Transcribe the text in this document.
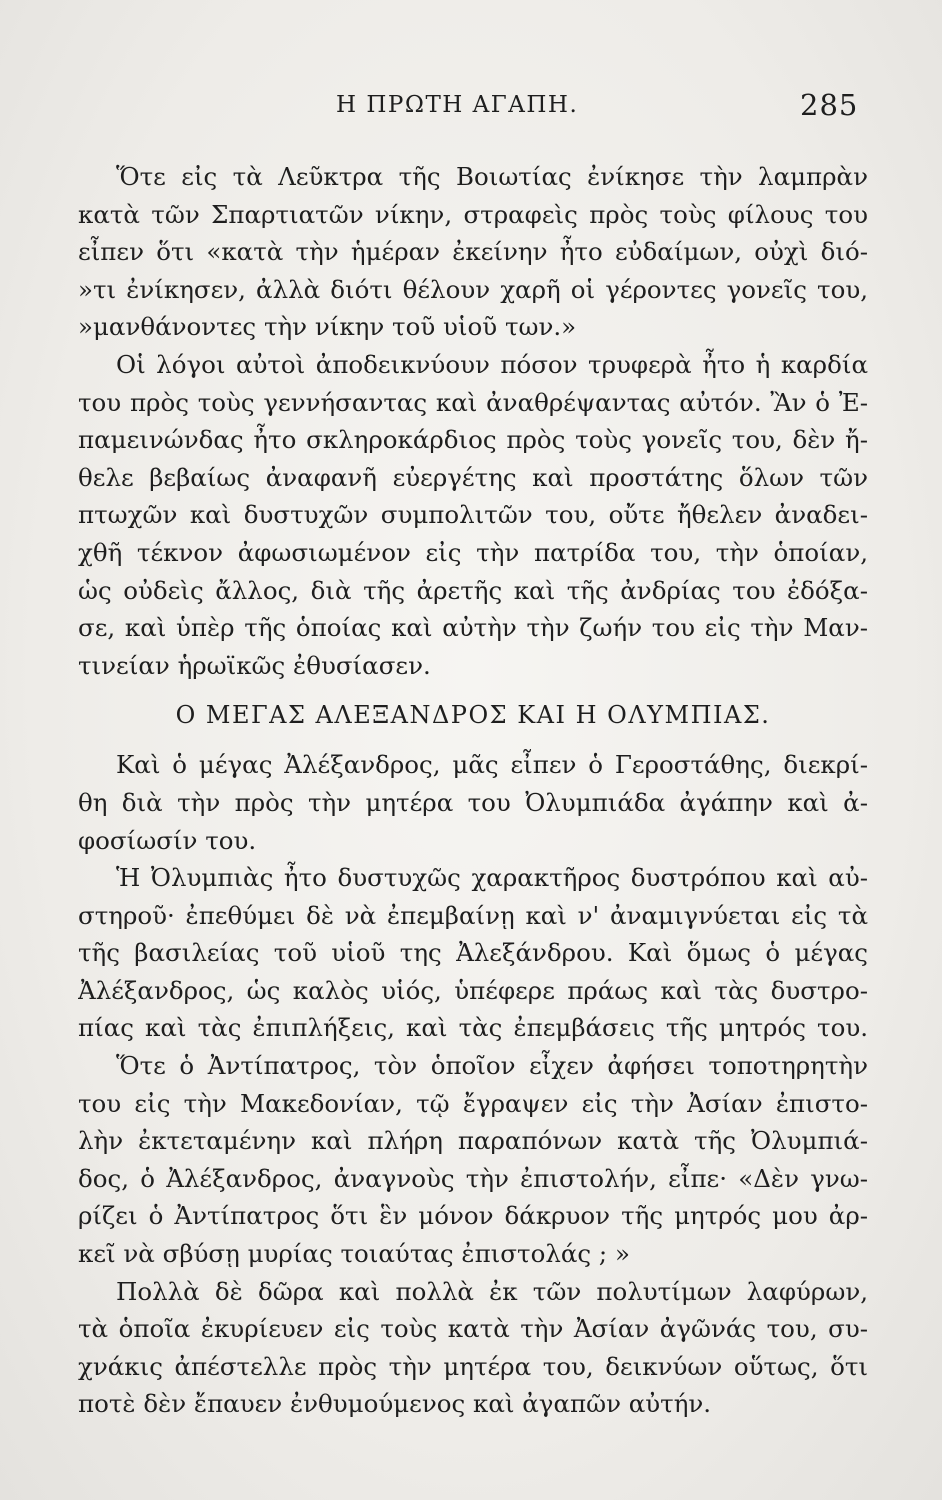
Η ΠΡΩΤΗ ΑΓΑΠΗ.	285
Ὅτε εἰς τὰ Λεῦκτρα τῆς Βοιωτίας ἐνίκησε τὴν λαμπρὰν
κατὰ τῶν Σπαρτιατῶν νίκην, στραφεὶς πρὸς τοὺς φίλους του
εἶπεν ὅτι «κατὰ τὴν ἡμέραν ἐκείνην ἦτο εὐδαίμων, οὐχὶ διό-
»τι ἐνίκησεν, ἀλλὰ διότι θέλουν χαρῆ οἱ γέροντες γονεῖς του,
»μανθάνοντες τὴν νίκην τοῦ υἱοῦ των.»
Οἱ λόγοι αὐτοὶ ἀποδεικνύουν πόσον τρυφερὰ ἦτο ἡ καρδία
του πρὸς τοὺς γεννήσαντας καὶ ἀναθρέψαντας αὐτόν. Ἂν ὁ Ἐ-
παμεινώνδας ἦτο σκληροκάρδιος πρὸς τοὺς γονεῖς του, δὲν ἤ-
θελε βεβαίως ἀναφανῆ εὐεργέτης καὶ προστάτης ὅλων τῶν
πτωχῶν καὶ δυστυχῶν συμπολιτῶν του, οὔτε ἤθελεν ἀναδει-
χθῆ τέκνον ἀφωσιωμένον εἰς τὴν πατρίδα του, τὴν ὁποίαν,
ὡς οὐδεὶς ἄλλος, διὰ τῆς ἀρετῆς καὶ τῆς ἀνδρίας του ἐδόξα-
σε, καὶ ὑπὲρ τῆς ὁποίας καὶ αὐτὴν τὴν ζωήν του εἰς τὴν Μαν-
τινείαν ἡρωϊκῶς ἐθυσίασεν.
Ο ΜΕΓΑΣ ΑΛΕΞΑΝΔΡΟΣ ΚΑΙ Η ΟΛΥΜΠΙΑΣ.
Καὶ ὁ μέγας Ἀλέξανδρος, μᾶς εἶπεν ὁ Γεροστάθης, διεκρί-
θη διὰ τὴν πρὸς τὴν μητέρα του Ὀλυμπιάδα ἀγάπην καὶ ἀ-
φοσίωσίν του.
Ἡ Ὀλυμπιὰς ἦτο δυστυχῶς χαρακτῆρος δυστρόπου καὶ αὐ-
στηροῦ· ἐπεθύμει δὲ νὰ ἐπεμβαίνῃ καὶ ν' ἀναμιγνύεται εἰς τὰ
τῆς βασιλείας τοῦ υἱοῦ της Ἀλεξάνδρου. Καὶ ὅμως ὁ μέγας
Ἀλέξανδρος, ὡς καλὸς υἱός, ὑπέφερε πράως καὶ τὰς δυστρο-
πίας καὶ τὰς ἐπιπλήξεις, καὶ τὰς ἐπεμβάσεις τῆς μητρός του.
Ὅτε ὁ Ἀντίπατρος, τὸν ὁποῖον εἶχεν ἀφήσει τοποτηρητὴν
του εἰς τὴν Μακεδονίαν, τῷ ἔγραψεν εἰς τὴν Ἀσίαν ἐπιστο-
λὴν ἐκτεταμένην καὶ πλήρη παραπόνων κατὰ τῆς Ὀλυμπιά-
δος, ὁ Ἀλέξανδρος, ἀναγνοὺς τὴν ἐπιστολήν, εἶπε· «Δὲν γνω-
ρίζει ὁ Ἀντίπατρος ὅτι ἓν μόνον δάκρυον τῆς μητρός μου ἀρ-
κεῖ νὰ σβύσῃ μυρίας τοιαύτας ἐπιστολάς ; »
Πολλὰ δὲ δῶρα καὶ πολλὰ ἐκ τῶν πολυτίμων λαφύρων,
τὰ ὁποῖα ἐκυρίευεν εἰς τοὺς κατὰ τὴν Ἀσίαν ἀγῶνάς του, συ-
χνάκις ἀπέστελλε πρὸς τὴν μητέρα του, δεικνύων οὕτως, ὅτι
ποτὲ δὲν ἔπαυεν ἐνθυμούμενος καὶ ἀγαπῶν αὐτήν.
